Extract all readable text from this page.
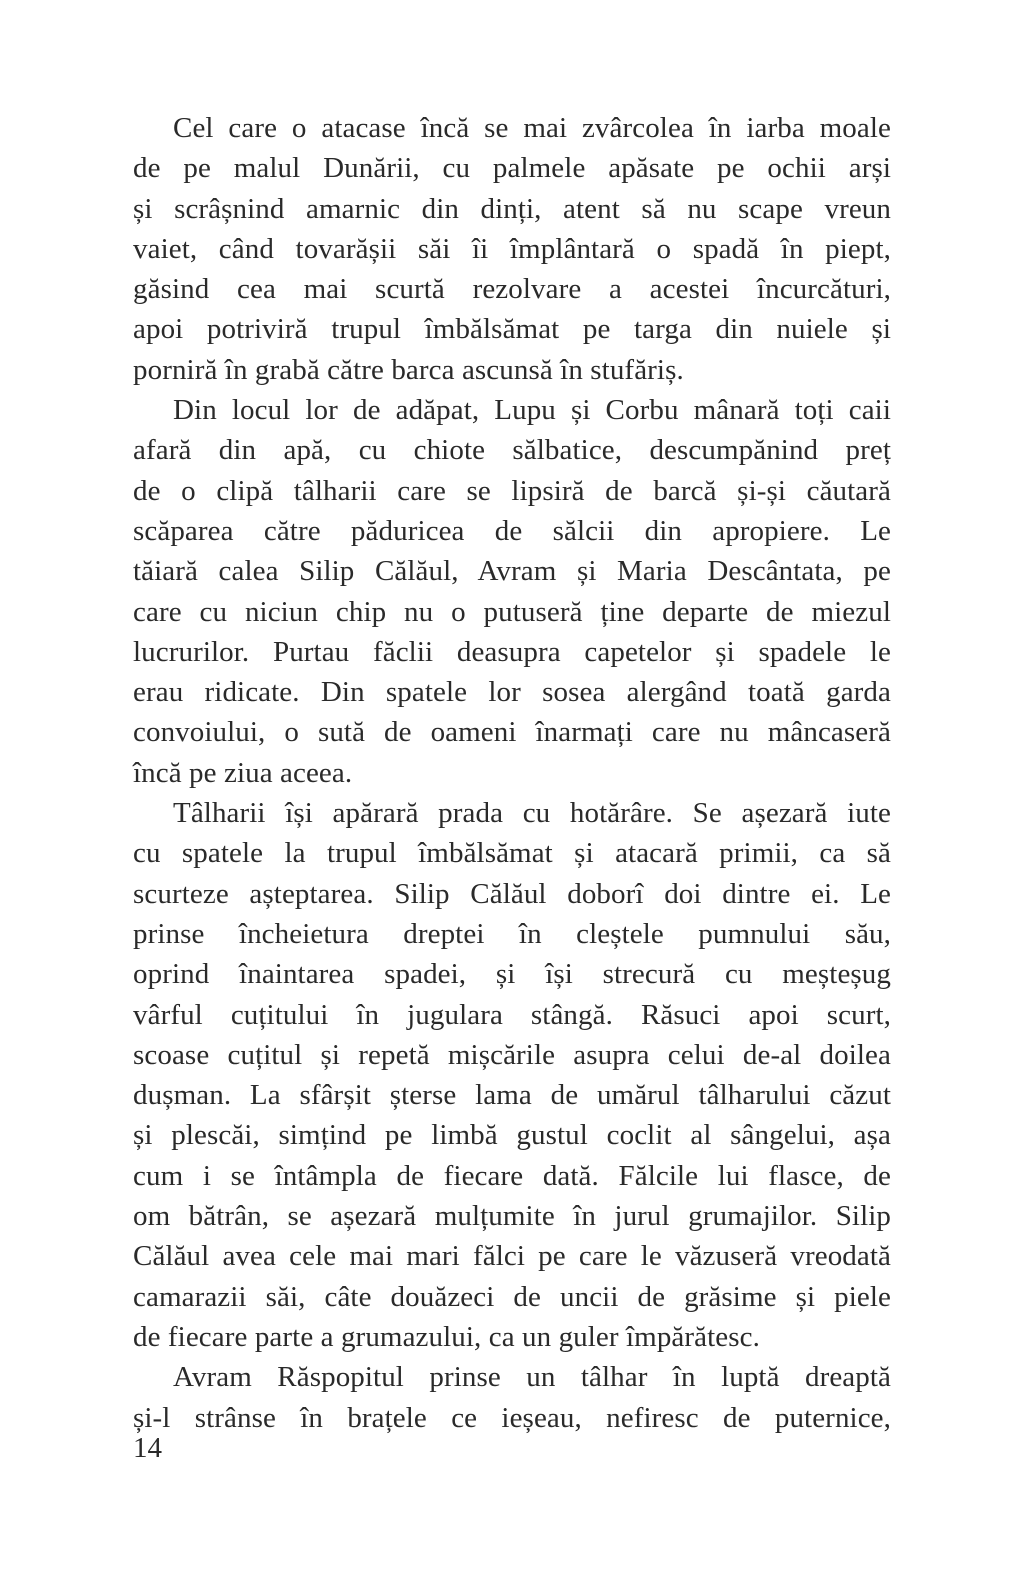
Cel care o atacase încă se mai zvârcolea în iarba moale
de pe malul Dunării, cu palmele apăsate pe ochii arși
și scrâșnind amarnic din dinți, atent să nu scape vreun
vaiet, când tovarășii săi îi împlântară o spadă în piept,
găsind cea mai scurtă rezolvare a acestei încurcături,
apoi potriviră trupul îmbălsămat pe targa din nuiele și
porniră în grabă către barca ascunsă în stufăriș.
Din locul lor de adăpat, Lupu și Corbu mânară toți caii
afară din apă, cu chiote sălbatice, descumpănind preț
de o clipă tâlharii care se lipsiră de barcă și-și căutară
scăparea către păduricea de sălcii din apropiere. Le
tăiară calea Silip Călăul, Avram și Maria Descântata, pe
care cu niciun chip nu o putuseră ține departe de miezul
lucrurilor. Purtau făclii deasupra capetelor și spadele le
erau ridicate. Din spatele lor sosea alergând toată garda
convoiului, o sută de oameni înarmați care nu mâncaseră
încă pe ziua aceea.
Tâlharii își apărară prada cu hotărâre. Se așezară iute
cu spatele la trupul îmbălsămat și atacară primii, ca să
scurteze așteptarea. Silip Călăul doborî doi dintre ei. Le
prinse încheietura dreptei în cleștele pumnului său,
oprind înaintarea spadei, și își strecură cu meșteșug
vârful cuțitului în jugulara stângă. Răsuci apoi scurt,
scoase cuțitul și repetă mișcările asupra celui de-al doilea
dușman. La sfârșit șterse lama de umărul tâlharului căzut
și plescăi, simțind pe limbă gustul coclit al sângelui, așa
cum i se întâmpla de fiecare dată. Fălcile lui flasce, de
om bătrân, se așezară mulțumite în jurul grumajilor. Silip
Călăul avea cele mai mari fălci pe care le văzuseră vreodată
camarazii săi, câte douăzeci de uncii de grăsime și piele
de fiecare parte a grumazului, ca un guler împărătesc.
Avram Răspopitul prinse un tâlhar în luptă dreaptă
și-l strânse în brațele ce ieșeau, nefiresc de puternice,
14
